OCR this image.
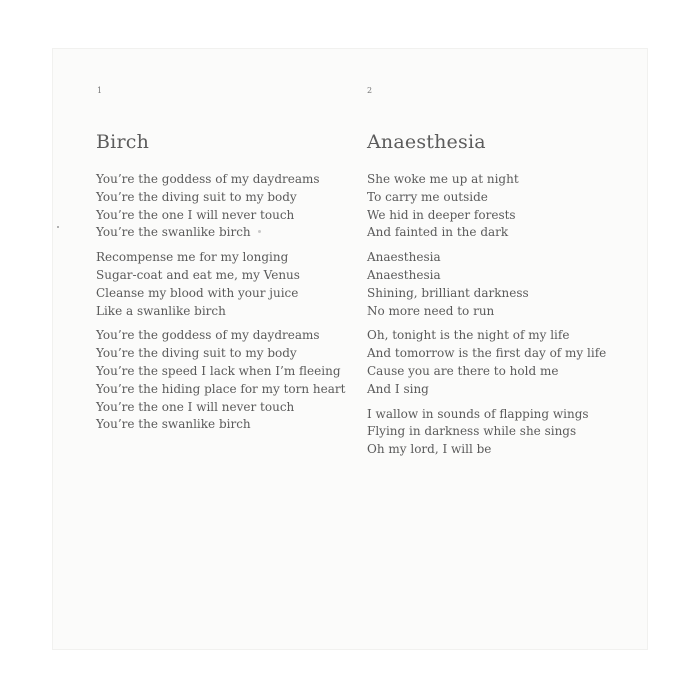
1	2
Birch
You’re the goddess of my daydreams
You’re the diving suit to my body
You’re the one I will never touch
You’re the swanlike birch
Recompense me for my longing
Sugar-coat and eat me, my Venus
Cleanse my blood with your juice
Like a swanlike birch
You’re the goddess of my daydreams
You’re the diving suit to my body
You’re the speed I lack when I’m fleeing
You’re the hiding place for my torn heart
You’re the one I will never touch
You’re the swanlike birch
Anaesthesia
She woke me up at night
To carry me outside
We hid in deeper forests
And fainted in the dark
Anaesthesia
Anaesthesia
Shining, brilliant darkness
No more need to run
Oh, tonight is the night of my life
And tomorrow is the first day of my life
Cause you are there to hold me
And I sing
I wallow in sounds of flapping wings
Flying in darkness while she sings
Oh my lord, I will be
